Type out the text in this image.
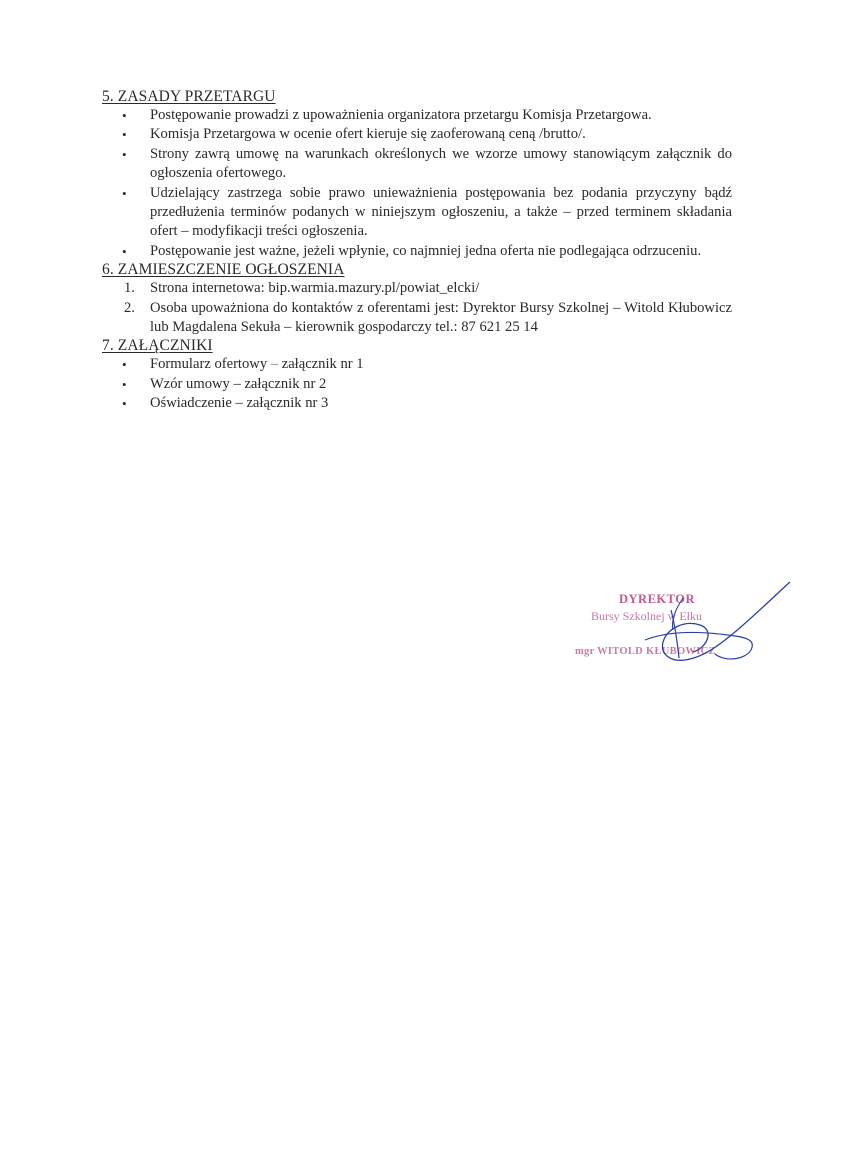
5. ZASADY PRZETARGU
• Postępowanie prowadzi z upoważnienia organizatora przetargu Komisja Przetargowa.
• Komisja Przetargowa w ocenie ofert kieruje się zaoferowaną ceną /brutto/.
• Strony zawrą umowę na warunkach określonych we wzorze umowy stanowiącym załącznik do ogłoszenia ofertowego.
• Udzielający zastrzega sobie prawo unieważnienia postępowania bez podania przyczyny bądź przedłużenia terminów podanych w niniejszym ogłoszeniu, a także – przed terminem składania ofert – modyfikacji treści ogłoszenia.
• Postępowanie jest ważne, jeżeli wpłynie, co najmniej jedna oferta nie podlegająca odrzuceniu.
6. ZAMIESZCZENIE OGŁOSZENIA
1. Strona internetowa: bip.warmia.mazury.pl/powiat_elcki/
2. Osoba upoważniona do kontaktów z oferentami jest: Dyrektor Bursy Szkolnej – Witold Kłubowicz lub Magdalena Sekuła – kierownik gospodarczy tel.: 87 621 25 14
7. ZAŁĄCZNIKI
• Formularz ofertowy – załącznik nr 1
• Wzór umowy – załącznik nr 2
• Oświadczenie – załącznik nr 3
DYREKTOR
Bursy Szkolnej w Ełku
mgr WITOLD KŁUBOWICZ
